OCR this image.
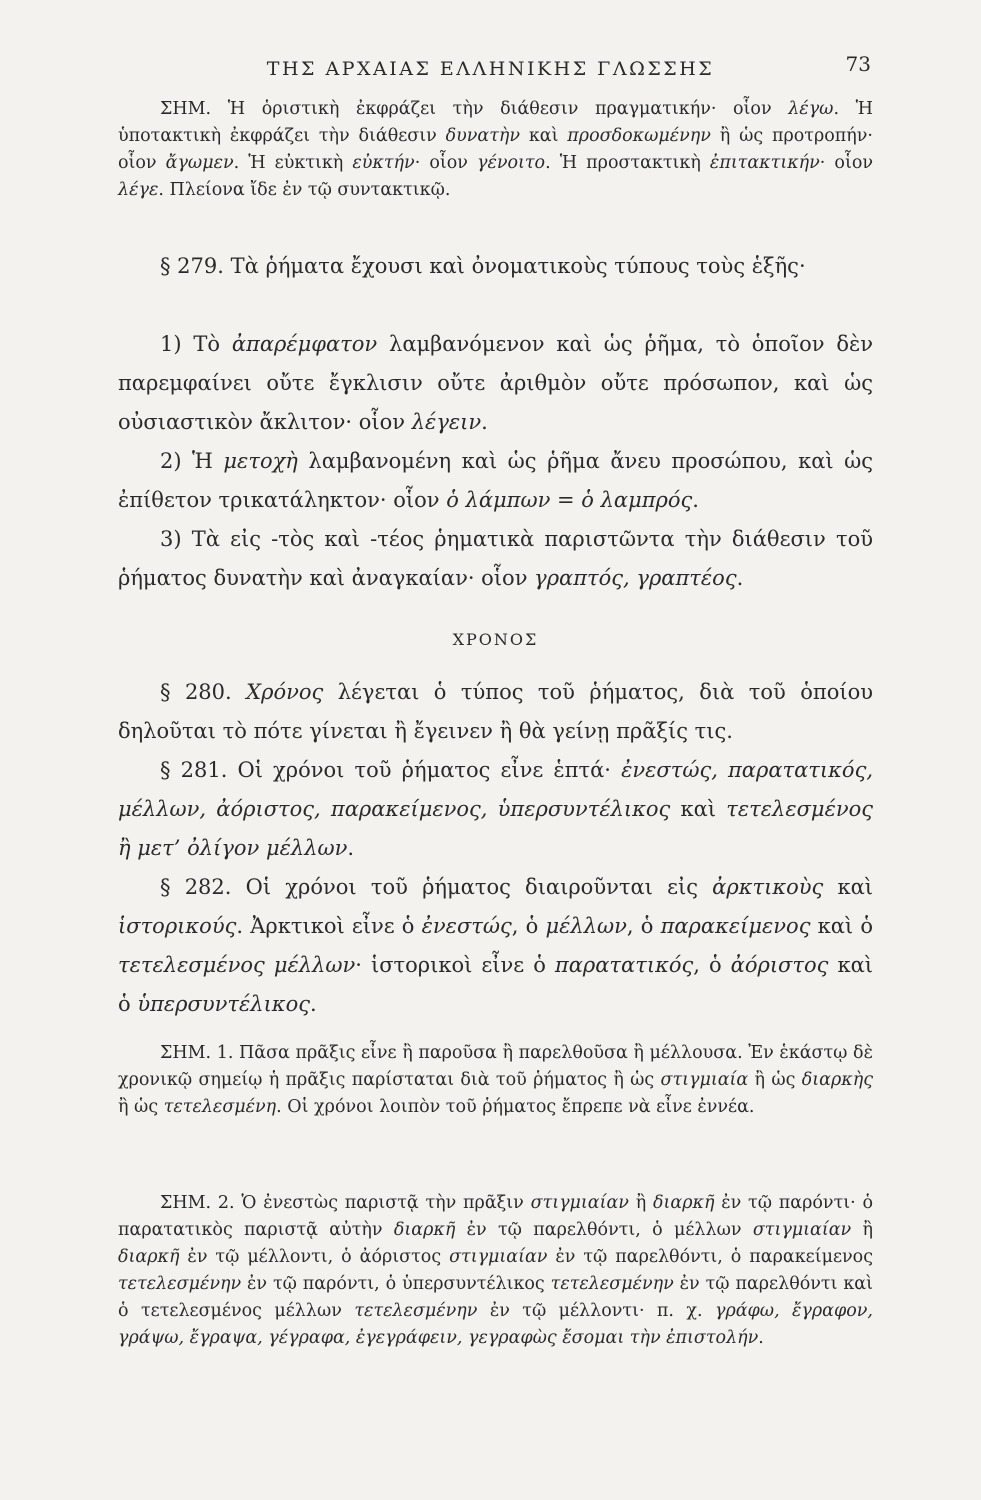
ΤΗΣ ΑΡΧΑΙΑΣ ΕΛΛΗΝΙΚΗΣ ΓΛΩΣΣΗΣ	73

ΣΗΜ. Ἡ ὁριστικὴ ἐκφράζει τὴν διάθεσιν πραγματικήν· οἷον λέγω. Ἡ ὑποτακτικὴ ἐκφράζει τὴν διάθεσιν δυνατὴν καὶ προσδοκωμένην ἢ ὡς προτροπήν· οἷον ἄγωμεν. Ἡ εὐκτικὴ εὐκτήν· οἷον γένοιτο. Ἡ προστακτικὴ ἐπιτακτικήν· οἷον λέγε. Πλείονα ἴδε ἐν τῷ συντακτικῷ.

§ 279. Τὰ ῥήματα ἔχουσι καὶ ὀνοματικοὺς τύπους τοὺς ἑξῆς·

1) Τὸ ἀπαρέμφατον λαμβανόμενον καὶ ὡς ῥῆμα, τὸ ὁποῖον δὲν παρεμφαίνει οὔτε ἔγκλισιν οὔτε ἀριθμὸν οὔτε πρόσωπον, καὶ ὡς οὐσιαστικὸν ἄκλιτον· οἷον λέγειν.

2) Ἡ μετοχὴ λαμβανομένη καὶ ὡς ῥῆμα ἄνευ προσώπου, καὶ ὡς ἐπίθετον τρικατάληκτον· οἷον ὁ λάμπων = ὁ λαμπρός.

3) Τὰ εἰς -τὸς καὶ -τέος ῥηματικὰ παριστῶντα τὴν διάθεσιν τοῦ ῥήματος δυνατὴν καὶ ἀναγκαίαν· οἷον γραπτός, γραπτέος.

ΧΡΟΝΟΣ

§ 280. Χρόνος λέγεται ὁ τύπος τοῦ ῥήματος, διὰ τοῦ ὁποίου δηλοῦται τὸ πότε γίνεται ἢ ἔγεινεν ἢ θὰ γείνῃ πρᾶξίς τις.

§ 281. Οἱ χρόνοι τοῦ ῥήματος εἶνε ἑπτά· ἐνεστώς, παρατατικός, μέλλων, ἀόριστος, παρακείμενος, ὑπερσυντέλικος καὶ τετελεσμένος ἢ μετ’ ὀλίγον μέλλων.

§ 282. Οἱ χρόνοι τοῦ ῥήματος διαιροῦνται εἰς ἀρκτικοὺς καὶ ἱστορικούς. Ἀρκτικοὶ εἶνε ὁ ἐνεστώς, ὁ μέλλων, ὁ παρακείμενος καὶ ὁ τετελεσμένος μέλλων· ἱστορικοὶ εἶνε ὁ παρατατικός, ὁ ἀόριστος καὶ ὁ ὑπερσυντέλικος.

ΣΗΜ. 1. Πᾶσα πρᾶξις εἶνε ἢ παροῦσα ἢ παρελθοῦσα ἢ μέλλουσα. Ἐν ἑκάστῳ δὲ χρονικῷ σημείῳ ἡ πρᾶξις παρίσταται διὰ τοῦ ῥήματος ἢ ὡς στιγμιαία ἢ ὡς διαρκὴς ἢ ὡς τετελεσμένη. Οἱ χρόνοι λοιπὸν τοῦ ῥήματος ἔπρεπε νὰ εἶνε ἐννέα.

ΣΗΜ. 2. Ὁ ἐνεστὼς παριστᾷ τὴν πρᾶξιν στιγμιαίαν ἢ διαρκῆ ἐν τῷ παρόντι· ὁ παρατατικὸς παριστᾷ αὐτὴν διαρκῆ ἐν τῷ παρελθόντι, ὁ μέλλων στιγμιαίαν ἢ διαρκῆ ἐν τῷ μέλλοντι, ὁ ἀόριστος στιγμιαίαν ἐν τῷ παρελθόντι, ὁ παρακείμενος τετελεσμένην ἐν τῷ παρόντι, ὁ ὑπερσυντέλικος τετελεσμένην ἐν τῷ παρελθόντι καὶ ὁ τετελεσμένος μέλλων τετελεσμένην ἐν τῷ μέλλοντι· π. χ. γράφω, ἔγραφον, γράψω, ἔγραψα, γέγραφα, ἐγεγράφειν, γεγραφὼς ἔσομαι τὴν ἐπιστολήν.
